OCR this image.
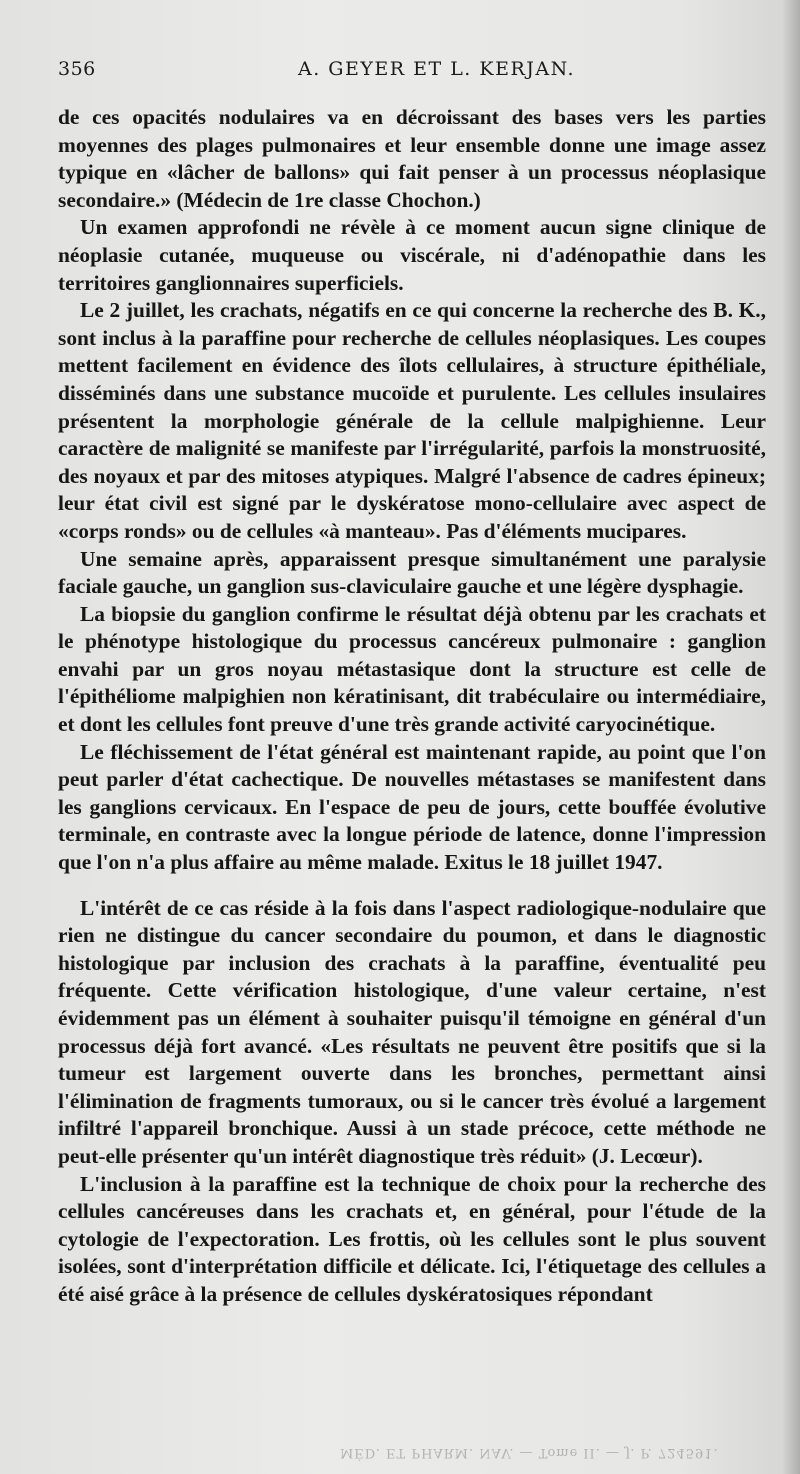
356	A. GEYER ET L. KERJAN.

de ces opacités nodulaires va en décroissant des bases vers les parties moyennes des plages pulmonaires et leur ensemble donne une image assez typique en «lâcher de ballons» qui fait penser à un processus néoplasique secondaire.» (Médecin de 1re classe Chochon.)

Un examen approfondi ne révèle à ce moment aucun signe clinique de néoplasie cutanée, muqueuse ou viscérale, ni d'adénopathie dans les territoires ganglionnaires superficiels.

Le 2 juillet, les crachats, négatifs en ce qui concerne la recherche des B. K., sont inclus à la paraffine pour recherche de cellules néoplasiques. Les coupes mettent facilement en évidence des îlots cellulaires, à structure épithéliale, disséminés dans une substance mucoïde et purulente. Les cellules insulaires présentent la morphologie générale de la cellule malpighienne. Leur caractère de malignité se manifeste par l'irrégularité, parfois la monstruosité, des noyaux et par des mitoses atypiques. Malgré l'absence de cadres épineux; leur état civil est signé par le dyskératose mono-cellulaire avec aspect de «corps ronds» ou de cellules «à manteau». Pas d'éléments mucipares.

Une semaine après, apparaissent presque simultanément une paralysie faciale gauche, un ganglion sus-claviculaire gauche et une légère dysphagie.

La biopsie du ganglion confirme le résultat déjà obtenu par les crachats et le phénotype histologique du processus cancéreux pulmonaire : ganglion envahi par un gros noyau métastasique dont la structure est celle de l'épithéliome malpighien non kératinisant, dit trabéculaire ou intermédiaire, et dont les cellules font preuve d'une très grande activité caryocinétique.

Le fléchissement de l'état général est maintenant rapide, au point que l'on peut parler d'état cachectique. De nouvelles métastases se manifestent dans les ganglions cervicaux. En l'espace de peu de jours, cette bouffée évolutive terminale, en contraste avec la longue période de latence, donne l'impression que l'on n'a plus affaire au même malade. Exitus le 18 juillet 1947.

L'intérêt de ce cas réside à la fois dans l'aspect radiologique-nodulaire que rien ne distingue du cancer secondaire du poumon, et dans le diagnostic histologique par inclusion des crachats à la paraffine, éventualité peu fréquente. Cette vérification histologique, d'une valeur certaine, n'est évidemment pas un élément à souhaiter puisqu'il témoigne en général d'un processus déjà fort avancé. «Les résultats ne peuvent être positifs que si la tumeur est largement ouverte dans les bronches, permettant ainsi l'élimination de fragments tumoraux, ou si le cancer très évolué a largement infiltré l'appareil bronchique. Aussi à un stade précoce, cette méthode ne peut-elle présenter qu'un intérêt diagnostique très réduit» (J. Lecœur).

L'inclusion à la paraffine est la technique de choix pour la recherche des cellules cancéreuses dans les crachats et, en général, pour l'étude de la cytologie de l'expectoration. Les frottis, où les cellules sont le plus souvent isolées, sont d'interprétation difficile et délicate. Ici, l'étiquetage des cellules a été aisé grâce à la présence de cellules dyskératosiques répondant

MÉD. ET PHARM. NAV. — Tome II. — J. P. 724591.
